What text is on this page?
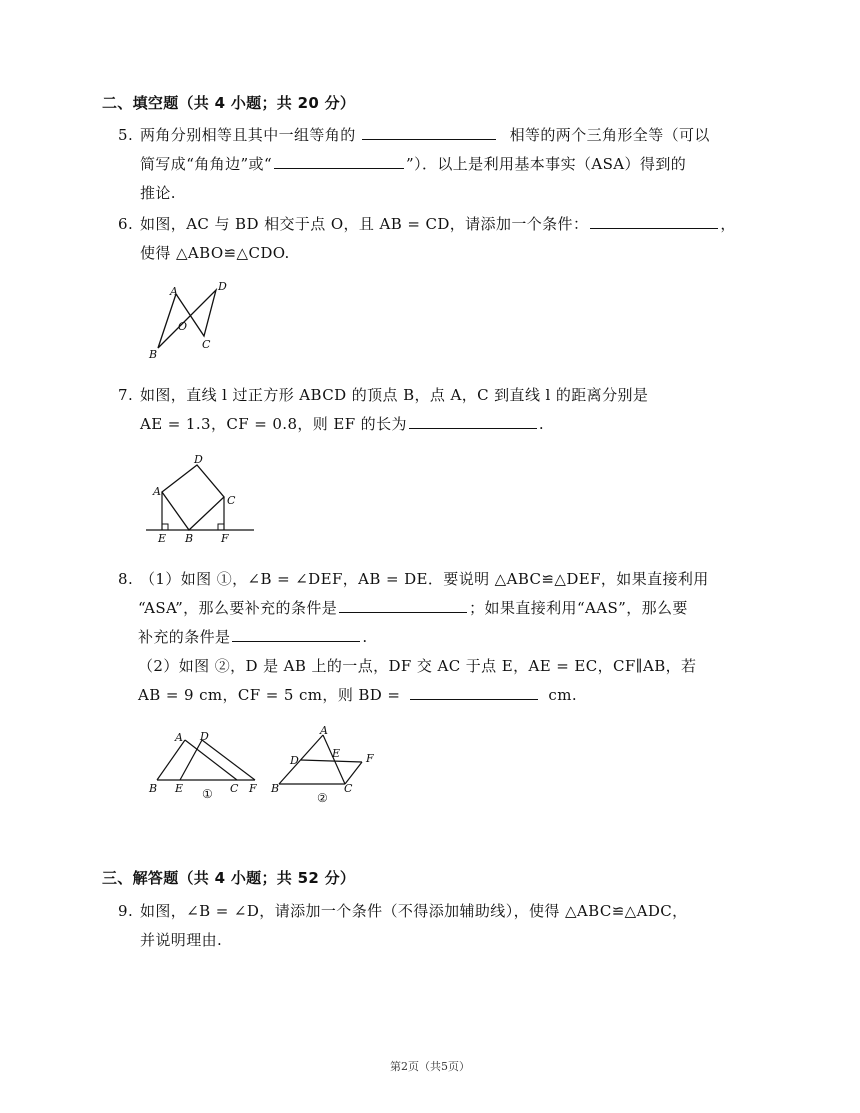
二、填空题（共 4 小题；共 20 分）
5. 两角分别相等且其中一组等角的	相等的两个三角形全等（可以
简写成“角角边”或“	”）．以上是利用基本事实（ASA）得到的
推论.
6. 如图，AC 与 BD 相交于点 O，且 AB = CD，请添加一个条件：	，
使得 △ABO≌△CDO.
A	D
O
B
C
7. 如图，直线 l 过正方形 ABCD 的顶点 B，点 A，C 到直线 l 的距离分别是
AE = 1.3，CF = 0.8，则 EF 的长为	.
D
A
C
E B	F
8. （1）如图 ①，∠B = ∠DEF，AB = DE．要说明 △ABC≌△DEF，如果直接利用
“ASA”，那么要补充的条件是	；如果直接利用“AAS”，那么要
补充的条件是	.
（2）如图 ②，D 是 AB 上的一点，DF 交 AC 于点 E，AE = EC，CF∥AB，若
AB = 9 cm，CF = 5 cm，则 BD =	cm.
A D
B E	C F
①
A
E F
D
B	C
②
三、解答题（共 4 小题；共 52 分）
9. 如图，∠B = ∠D，请添加一个条件（不得添加辅助线），使得 △ABC≌△ADC，
并说明理由.
第2页（共5页）
